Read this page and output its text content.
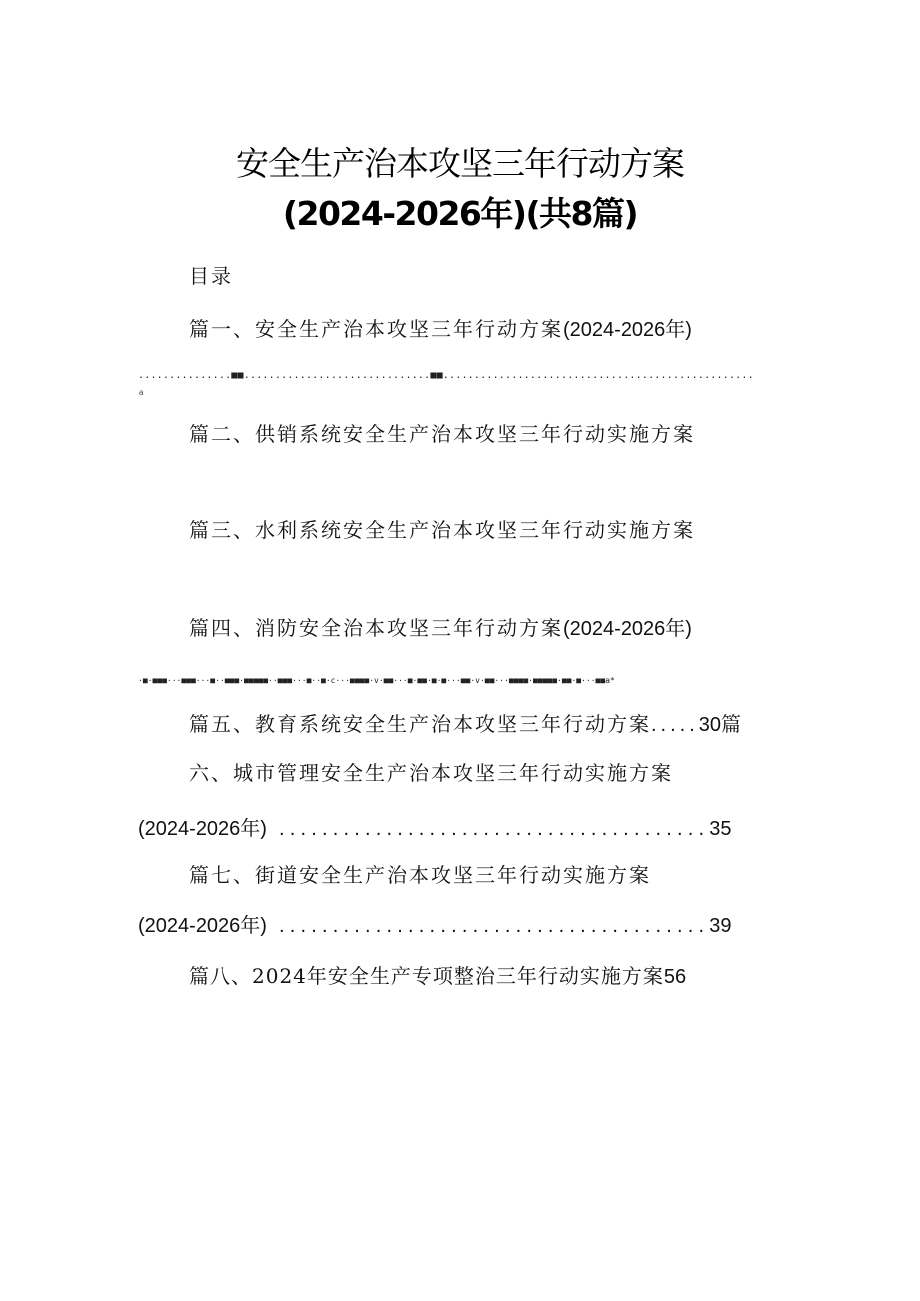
安全生产治本攻坚三年行动方案
(2024-2026年)(共8篇)
目录
篇一、安全生产治本攻坚三年行动方案(2024-2026年)
...............■■..............................■■..................................................
a
篇二、供销系统安全生产治本攻坚三年行动实施方案
篇三、水利系统安全生产治本攻坚三年行动实施方案
篇四、消防安全治本攻坚三年行动方案(2024-2026年)
·■·■■■···■■■···■··■■■·■■■■■··■■■···■··■·c···■■■■·v·■■···■·■■·■·■···■■·v·■■···■■■■·■■■■■·■■·■···■■a*
篇五、教育系统安全生产治本攻坚三年行动方案.....30篇
六、城市管理安全生产治本攻坚三年行动实施方案
(2024-2026年) ........................................35
篇七、街道安全生产治本攻坚三年行动实施方案
(2024-2026年) ........................................39
篇八、2024年安全生产专项整治三年行动实施方案56
